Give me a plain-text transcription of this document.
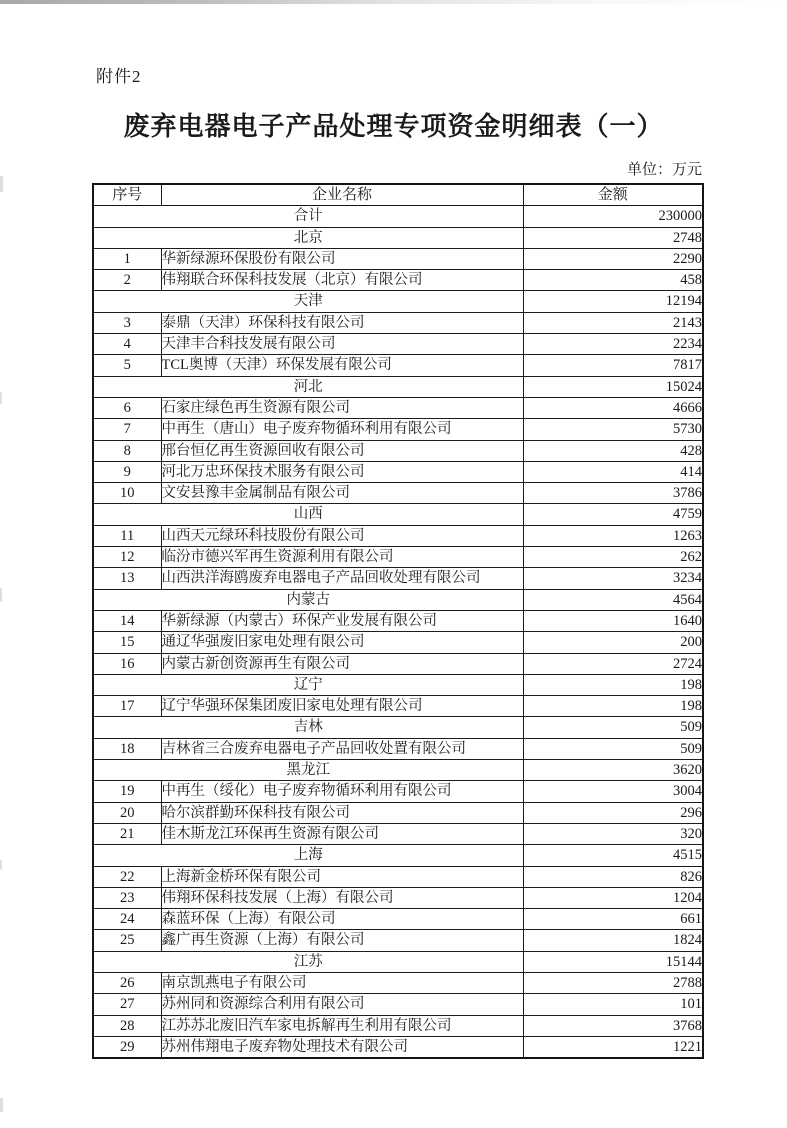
附件2
废弃电器电子产品处理专项资金明细表（一）
单位：万元
序号	企业名称	金额
合计		230000
北京		2748
1	华新绿源环保股份有限公司	2290
2	伟翔联合环保科技发展（北京）有限公司	458
天津		12194
3	泰鼎（天津）环保科技有限公司	2143
4	天津丰合科技发展有限公司	2234
5	TCL奥博（天津）环保发展有限公司	7817
河北		15024
6	石家庄绿色再生资源有限公司	4666
7	中再生（唐山）电子废弃物循环利用有限公司	5730
8	邢台恒亿再生资源回收有限公司	428
9	河北万忠环保技术服务有限公司	414
10	文安县豫丰金属制品有限公司	3786
山西		4759
11	山西天元绿环科技股份有限公司	1263
12	临汾市德兴军再生资源利用有限公司	262
13	山西洪洋海鸥废弃电器电子产品回收处理有限公司	3234
内蒙古		4564
14	华新绿源（内蒙古）环保产业发展有限公司	1640
15	通辽华强废旧家电处理有限公司	200
16	内蒙古新创资源再生有限公司	2724
辽宁		198
17	辽宁华强环保集团废旧家电处理有限公司	198
吉林		509
18	吉林省三合废弃电器电子产品回收处置有限公司	509
黑龙江		3620
19	中再生（绥化）电子废弃物循环利用有限公司	3004
20	哈尔滨群勤环保科技有限公司	296
21	佳木斯龙江环保再生资源有限公司	320
上海		4515
22	上海新金桥环保有限公司	826
23	伟翔环保科技发展（上海）有限公司	1204
24	森蓝环保（上海）有限公司	661
25	鑫广再生资源（上海）有限公司	1824
江苏		15144
26	南京凯燕电子有限公司	2788
27	苏州同和资源综合利用有限公司	101
28	江苏苏北废旧汽车家电拆解再生利用有限公司	3768
29	苏州伟翔电子废弃物处理技术有限公司	1221
